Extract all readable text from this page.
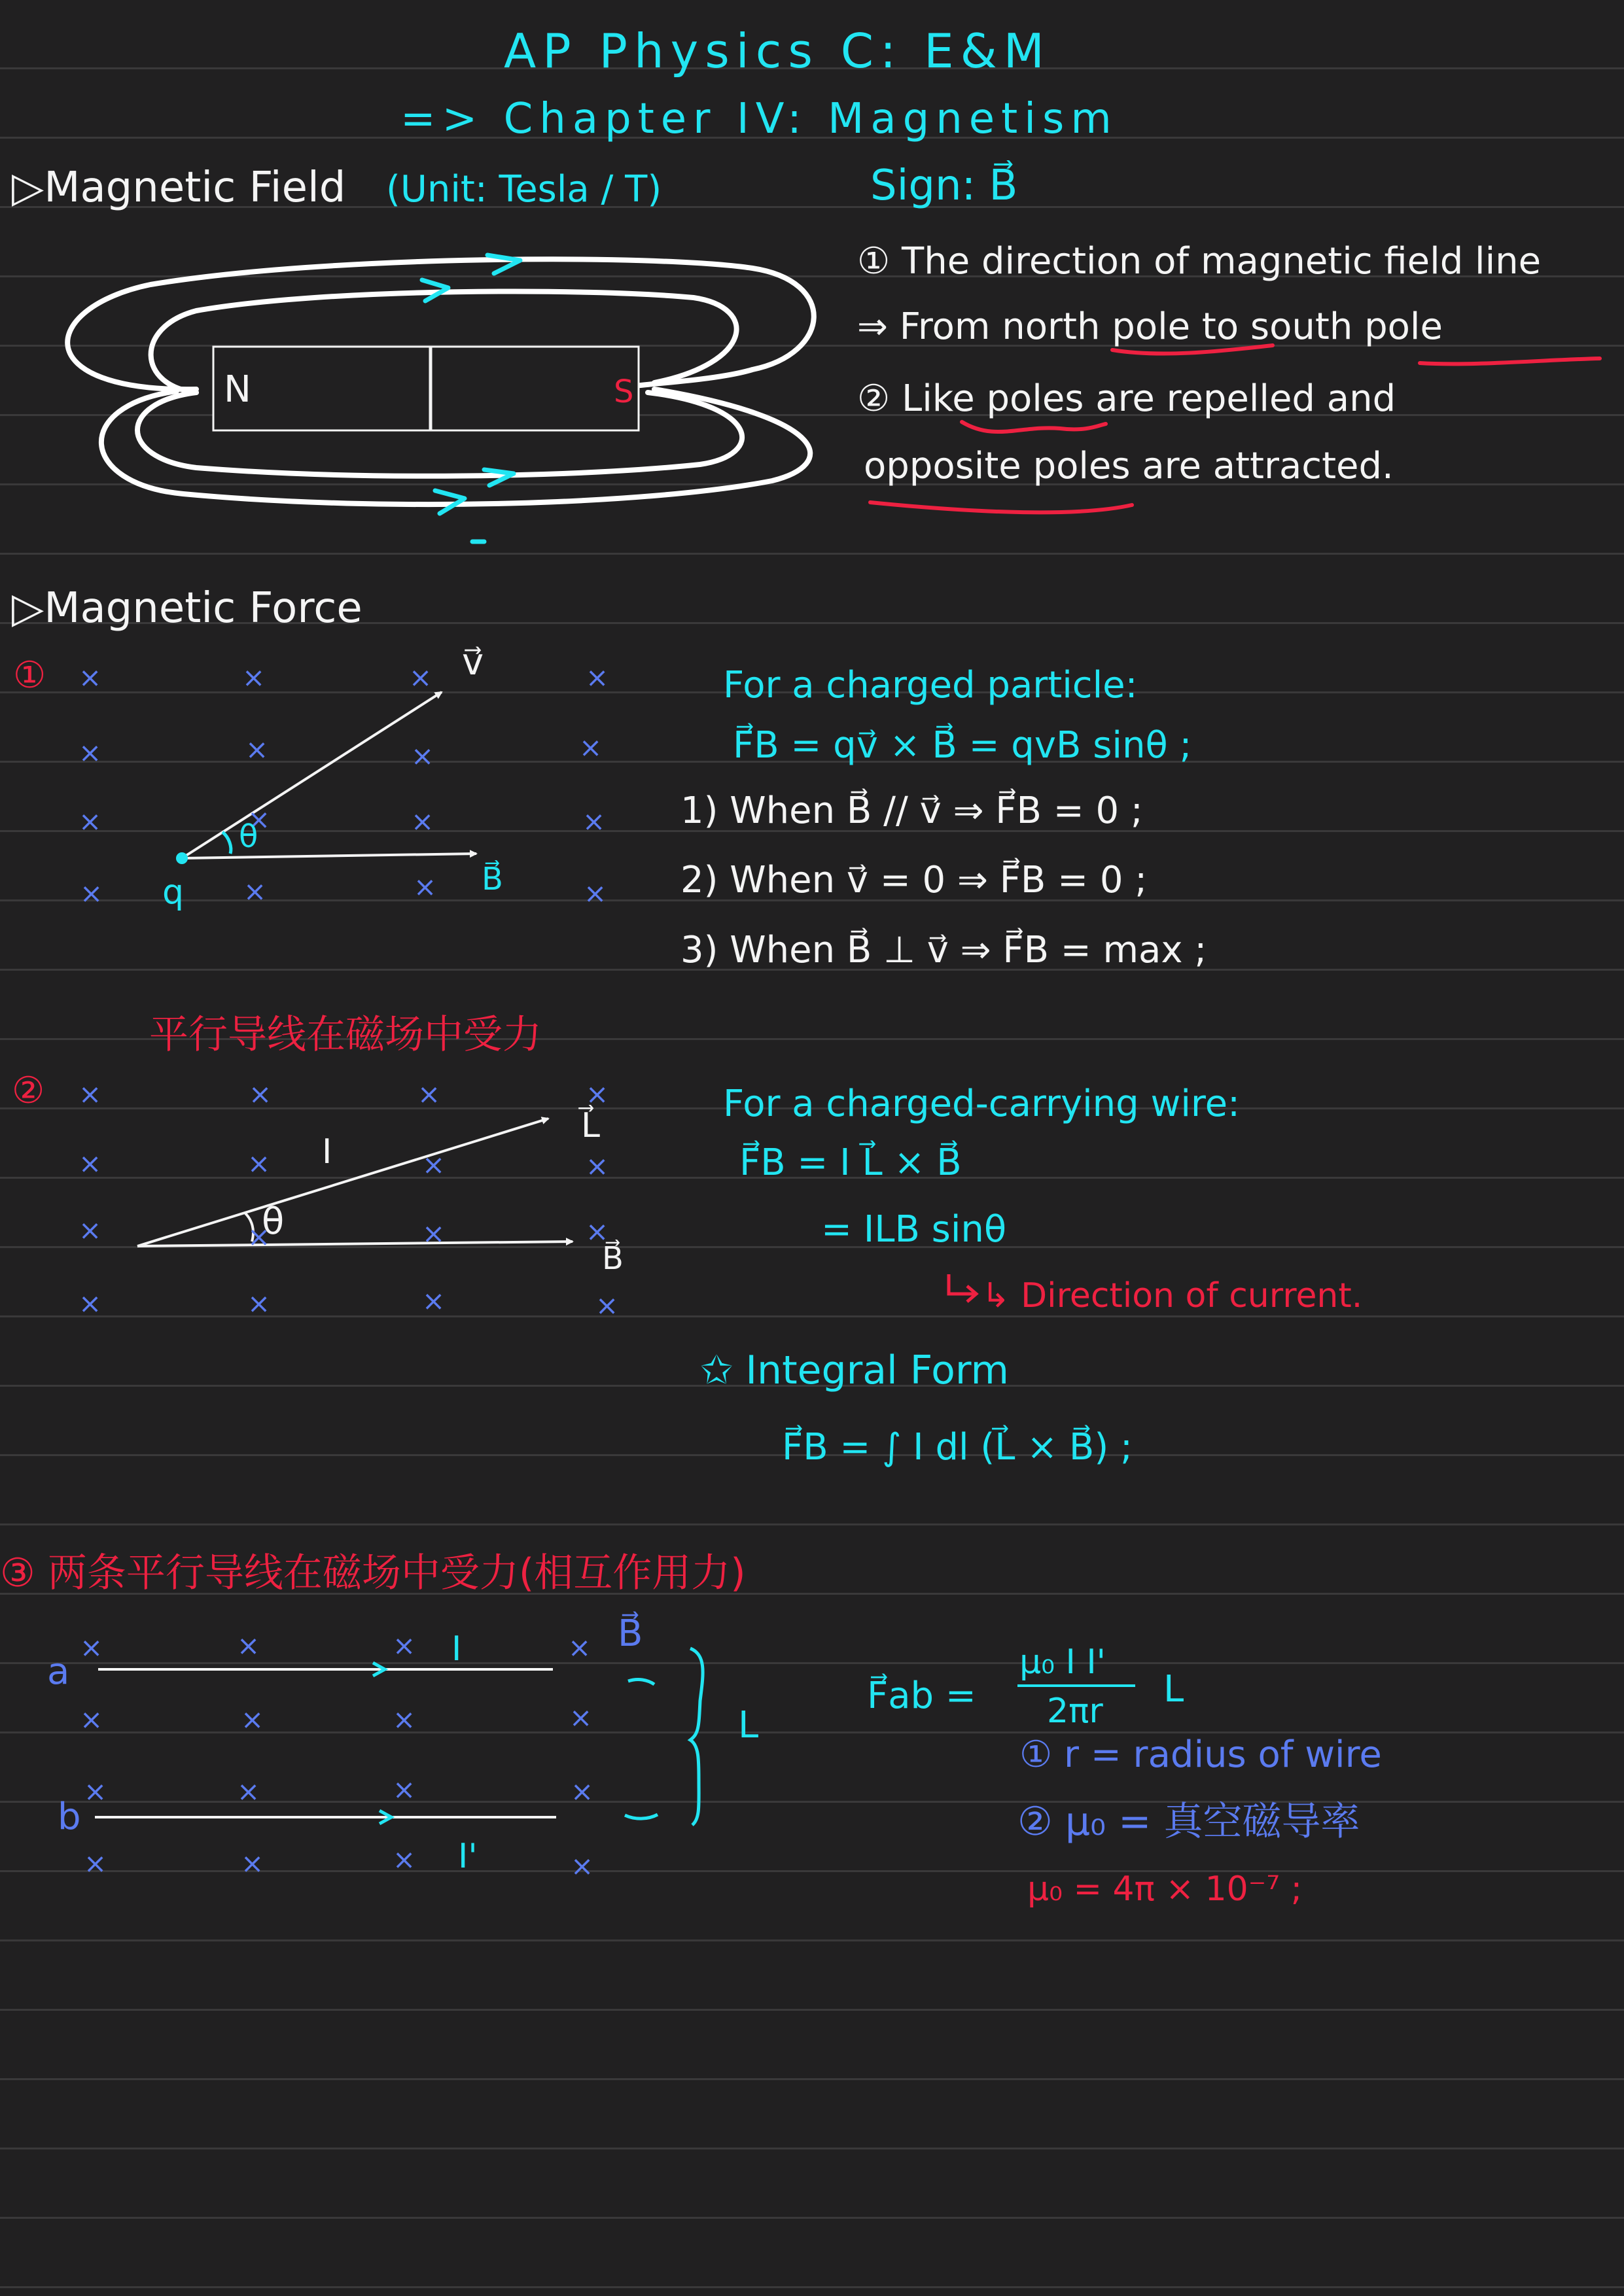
AP Physics C: E&M
=> Chapter IV: Magnetism
▷Magnetic Field (Unit: Tesla / T)	Sign: B⃗
N	S
① The direction of magnetic field line
⇒ From north pole to south pole
② Like poles are repelled and
opposite poles are attracted.
▷Magnetic Force
① ×	×	×	×
×	×	×	×
×	×	×	×
×	×	×	×
v⃗
B⃗
θ
q
For a charged particle:
F⃗B = qv⃗ × B⃗ = qvB sinθ ;
1) When B⃗ // v⃗ ⇒ F⃗B = 0 ;
2) When v⃗ = 0 ⇒ F⃗B = 0 ;
3) When B⃗ ⊥ v⃗ ⇒ F⃗B = max ;
平行导线在磁场中受力
② ×	×	×	×
×	×	×	×
×	×	×	×
×	×	×	×
I
L⃗
B⃗
θ
For a charged-carrying wire:
F⃗B = I L⃗ × B⃗
= ILB sinθ
↳ Direction of current.
✩ Integral Form
F⃗B = ∫ I dl (L⃗ × B⃗) ;
③ 两条平行导线在磁场中受力(相互作用力)
×	×	×	×
×	×	×	×
×	×	×	×
×	×	×	×
a
b
I
I'
B⃗
L
F⃗ab =
μ₀ I I'
2πr
L
① r = radius of wire
② μ₀ = 真空磁导率
μ₀ = 4π × 10⁻⁷ ;
